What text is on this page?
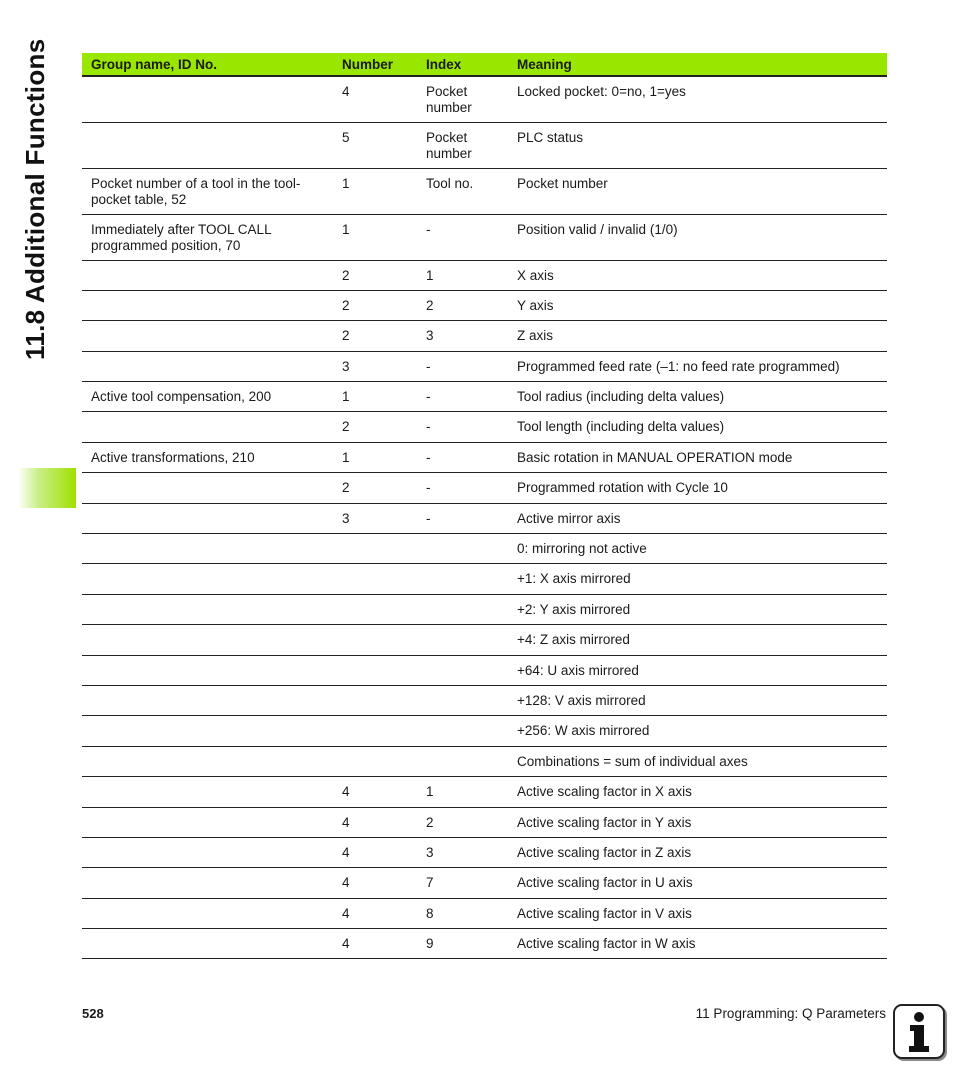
11.8 Additional Functions	Group name, ID No.	Number	Index	Meaning

	4	Pocket number	Locked pocket: 0=no, 1=yes

	5	Pocket number	PLC status

Pocket number of a tool in the tool-pocket table, 52	1	Tool no.	Pocket number

Immediately after TOOL CALL programmed position, 70	1	-	Position valid / invalid (1/0)

	2	1	X axis

	2	2	Y axis

	2	3	Z axis

	3	-	Programmed feed rate (–1: no feed rate programmed)

Active tool compensation, 200	1	-	Tool radius (including delta values)

	2	-	Tool length (including delta values)

Active transformations, 210	1	-	Basic rotation in MANUAL OPERATION mode

	2	-	Programmed rotation with Cycle 10

	3	-	Active mirror axis

			0: mirroring not active

			+1: X axis mirrored

			+2: Y axis mirrored

			+4: Z axis mirrored

			+64: U axis mirrored

			+128: V axis mirrored

			+256: W axis mirrored

			Combinations = sum of individual axes

	4	1	Active scaling factor in X axis

	4	2	Active scaling factor in Y axis

	4	3	Active scaling factor in Z axis

	4	7	Active scaling factor in U axis

	4	8	Active scaling factor in V axis

	4	9	Active scaling factor in W axis
528	11 Programming: Q Parameters
